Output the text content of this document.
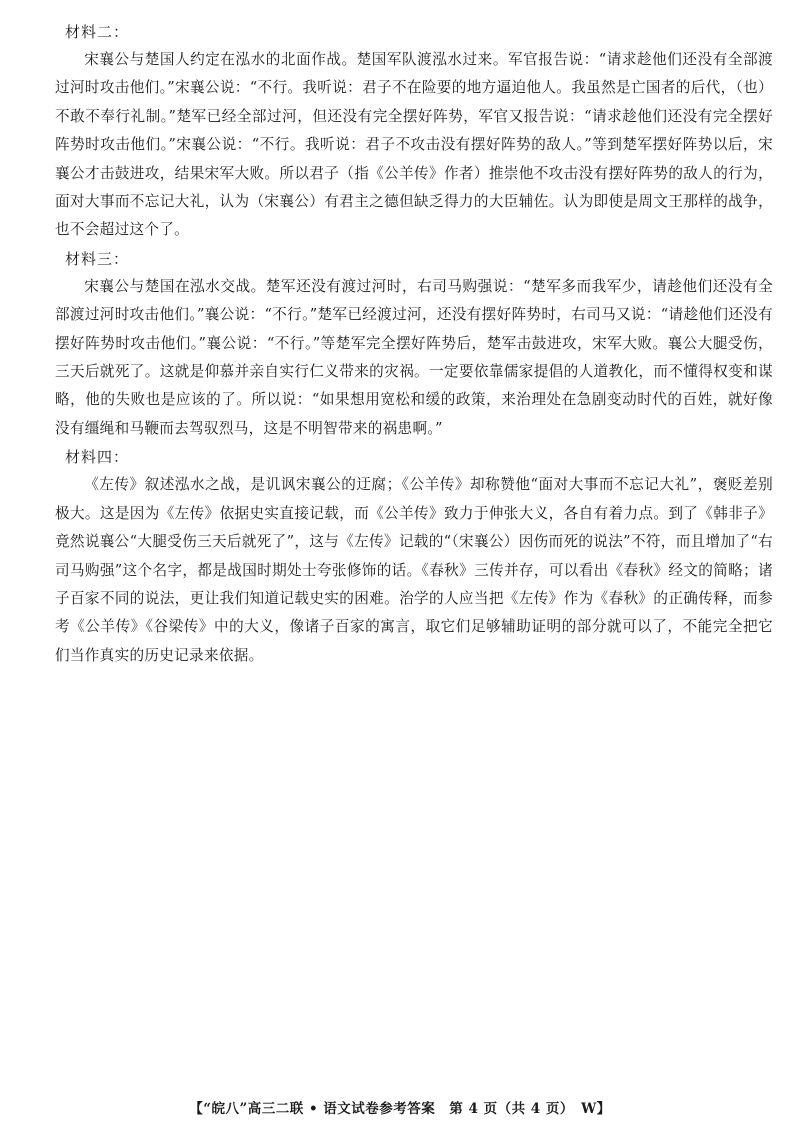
材料二：

宋襄公与楚国人约定在泓水的北面作战。楚国军队渡泓水过来。军官报告说：“请求趁他们还没有全部渡过河时攻击他们。”宋襄公说：“不行。我听说：君子不在险要的地方逼迫他人。我虽然是亡国者的后代，（也）不敢不奉行礼制。”楚军已经全部过河，但还没有完全摆好阵势，军官又报告说：“请求趁他们还没有完全摆好阵势时攻击他们。”宋襄公说：“不行。我听说：君子不攻击没有摆好阵势的敌人。”等到楚军摆好阵势以后，宋襄公才击鼓进攻，结果宋军大败。所以君子（指《公羊传》作者）推崇他不攻击没有摆好阵势的敌人的行为，面对大事而不忘记大礼，认为（宋襄公）有君主之德但缺乏得力的大臣辅佐。认为即使是周文王那样的战争，也不会超过这个了。

材料三：

宋襄公与楚国在泓水交战。楚军还没有渡过河时，右司马购强说：“楚军多而我军少，请趁他们还没有全部渡过河时攻击他们。”襄公说：“不行。”楚军已经渡过河，还没有摆好阵势时，右司马又说：“请趁他们还没有摆好阵势时攻击他们。”襄公说：“不行。”等楚军完全摆好阵势后，楚军击鼓进攻，宋军大败。襄公大腿受伤，三天后就死了。这就是仰慕并亲自实行仁义带来的灾祸。一定要依靠儒家提倡的人道教化，而不懂得权变和谋略，他的失败也是应该的了。所以说：“如果想用宽松和缓的政策，来治理处在急剧变动时代的百姓，就好像没有缰绳和马鞭而去驾驭烈马，这是不明智带来的祸患啊。”

材料四：

《左传》叙述泓水之战，是讥讽宋襄公的迂腐；《公羊传》却称赞他“面对大事而不忘记大礼”，褒贬差别极大。这是因为《左传》依据史实直接记载，而《公羊传》致力于伸张大义，各自有着力点。到了《韩非子》竟然说襄公“大腿受伤三天后就死了”，这与《左传》记载的“（宋襄公）因伤而死的说法”不符，而且增加了“右司马购强”这个名字，都是战国时期处士夸张修饰的话。《春秋》三传并存，可以看出《春秋》经文的简略；诸子百家不同的说法，更让我们知道记载史实的困难。治学的人应当把《左传》作为《春秋》的正确传释，而参考《公羊传》《谷梁传》中的大义，像诸子百家的寓言，取它们足够辅助证明的部分就可以了，不能完全把它们当作真实的历史记录来依据。

【“皖八”高三二联 • 语文试卷参考答案　第 4 页（共 4 页）　W】
